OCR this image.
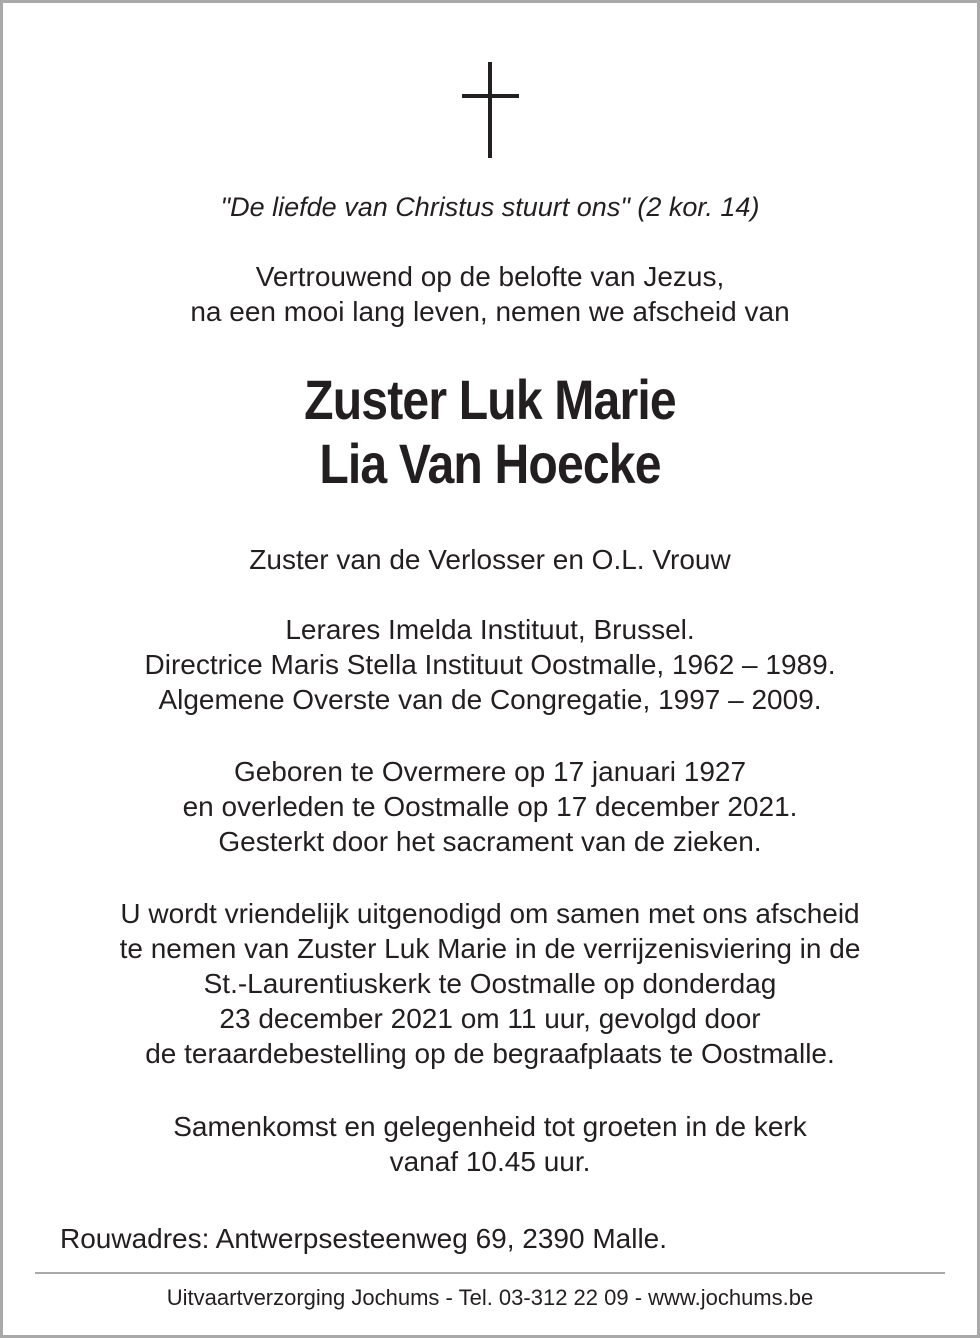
"De liefde van Christus stuurt ons" (2 kor. 14)

Vertrouwend op de belofte van Jezus,

na een mooi lang leven, nemen we afscheid van

Zuster Luk Marie

Lia Van Hoecke

Zuster van de Verlosser en O.L. Vrouw

Lerares Imelda Instituut, Brussel.

Directrice Maris Stella Instituut Oostmalle, 1962 – 1989.

Algemene Overste van de Congregatie, 1997 – 2009.

Geboren te Overmere op 17 januari 1927

en overleden te Oostmalle op 17 december 2021.

Gesterkt door het sacrament van de zieken.

U wordt vriendelijk uitgenodigd om samen met ons afscheid

te nemen van Zuster Luk Marie in de verrijzenisviering in de

St.-Laurentiuskerk te Oostmalle op donderdag

23 december 2021 om 11 uur, gevolgd door

de teraardebestelling op de begraafplaats te Oostmalle.

Samenkomst en gelegenheid tot groeten in de kerk

vanaf 10.45 uur.

Rouwadres: Antwerpsesteenweg 69, 2390 Malle.
Uitvaartverzorging Jochums - Tel. 03-312 22 09 - www.jochums.be
